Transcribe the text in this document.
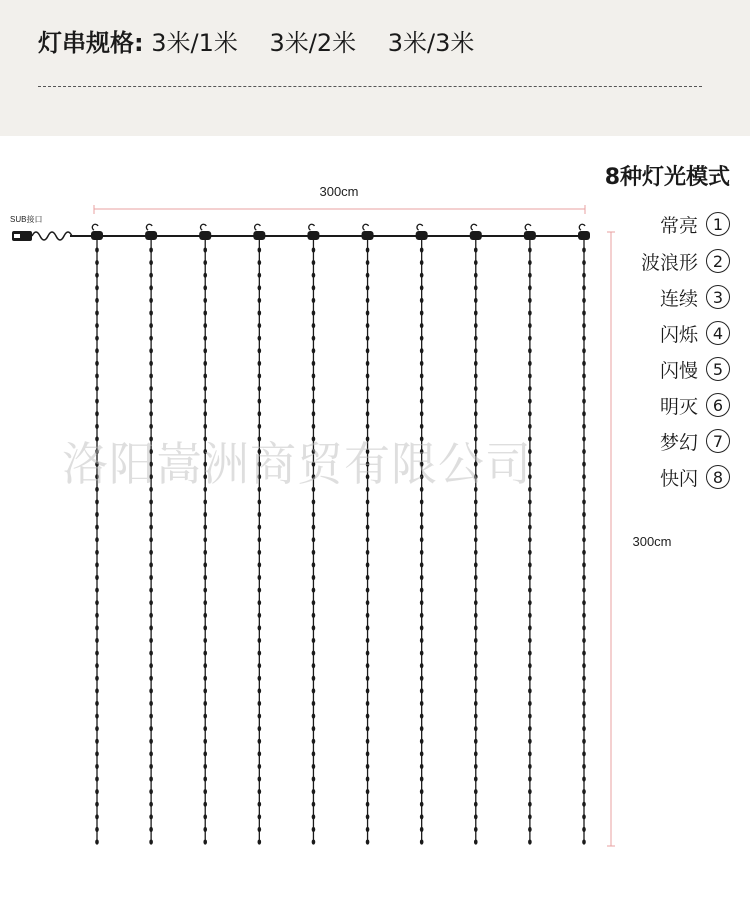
灯串规格: 3米/1米 3米/2米 3米/3米
300cm
300cm
SUB接口
8种灯光模式
常亮 1
波浪形 2
连续 3
闪烁 4
闪慢 5
明灭 6
梦幻 7
快闪 8
洛阳嵩洲商贸有限公司
